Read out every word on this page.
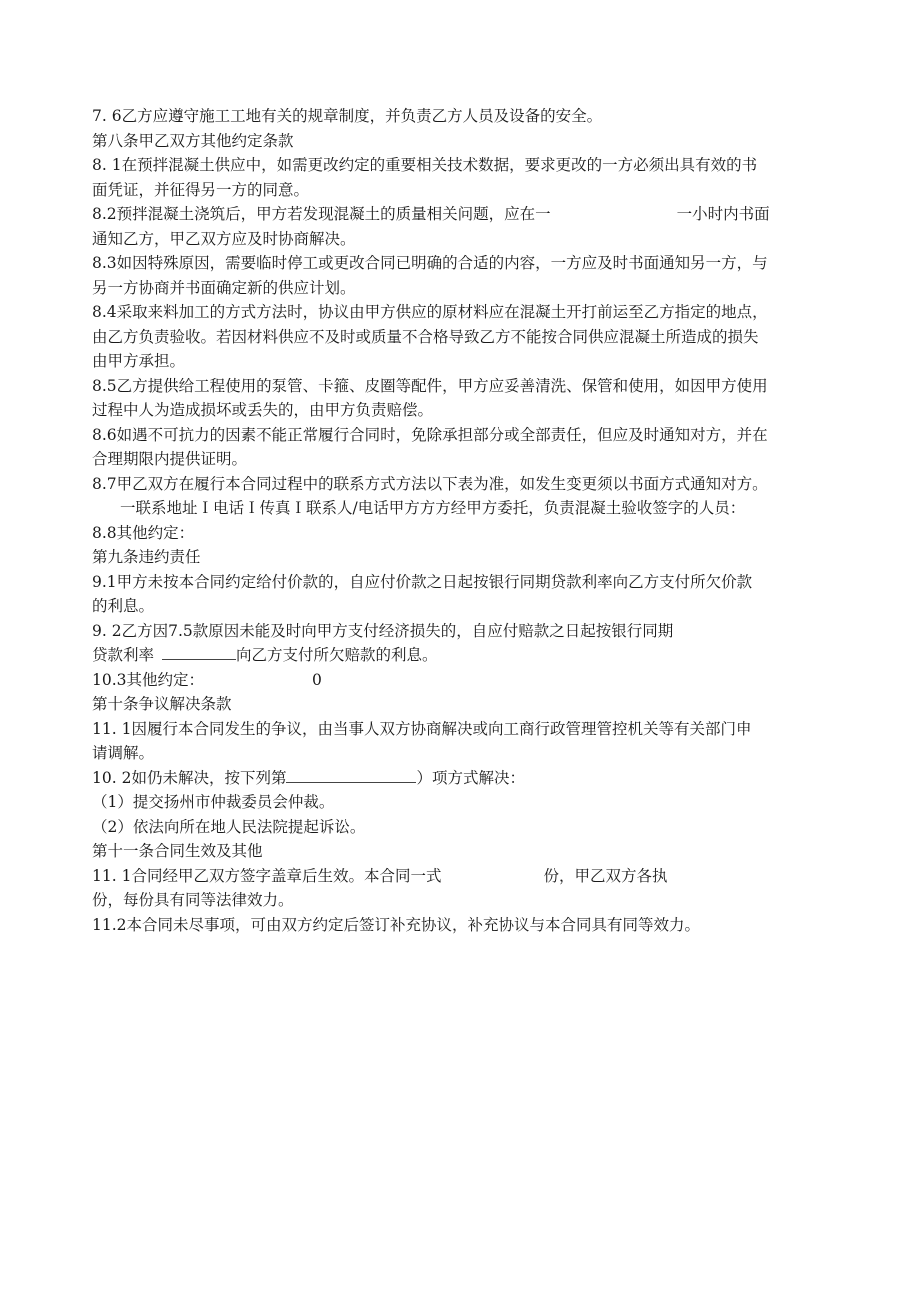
7. 6乙方应遵守施工工地有关的规章制度，并负责乙方人员及设备的安全。
第八条甲乙双方其他约定条款
8. 1在预拌混凝土供应中，如需更改约定的重要相关技术数据，要求更改的一方必须出具有效的书
面凭证，并征得另一方的同意。
8.2预拌混凝土浇筑后，甲方若发现混凝土的质量相关问题，应在一	一小时内书面
通知乙方，甲乙双方应及时协商解决。
8.3如因特殊原因，需要临时停工或更改合同已明确的合适的内容，一方应及时书面通知另一方，与
另一方协商并书面确定新的供应计划。
8.4采取来料加工的方式方法时，协议由甲方供应的原材料应在混凝土开打前运至乙方指定的地点，
由乙方负责验收。若因材料供应不及时或质量不合格导致乙方不能按合同供应混凝土所造成的损失
由甲方承担。
8.5乙方提供给工程使用的泵管、卡箍、皮圈等配件，甲方应妥善清洗、保管和使用，如因甲方使用
过程中人为造成损坏或丢失的，由甲方负责赔偿。
8.6如遇不可抗力的因素不能正常履行合同时，免除承担部分或全部责任，但应及时通知对方，并在
合理期限内提供证明。
8.7甲乙双方在履行本合同过程中的联系方式方法以下表为准，如发生变更须以书面方式通知对方。
一联系地址Ｉ电话Ｉ传真Ｉ联系人/电话甲方方方经甲方委托，负责混凝土验收签字的人员：
8.8其他约定：
第九条违约责任
9.1甲方未按本合同约定给付价款的，自应付价款之日起按银行同期贷款利率向乙方支付所欠价款
的利息。
9. 2乙方因7.5款原因未能及时向甲方支付经济损失的，自应付赔款之日起按银行同期
贷款利率	向乙方支付所欠赔款的利息。
10.3其他约定：	0
第十条争议解决条款
11. 1因履行本合同发生的争议，由当事人双方协商解决或向工商行政管理管控机关等有关部门申
请调解。
10. 2如仍未解决，按下列第	）项方式解决：
（1）提交扬州市仲裁委员会仲裁。
（2）依法向所在地人民法院提起诉讼。
第十一条合同生效及其他
11. 1合同经甲乙双方签字盖章后生效。本合同一式	份，甲乙双方各执
份，每份具有同等法律效力。
11.2本合同未尽事项，可由双方约定后签订补充协议，补充协议与本合同具有同等效力。
